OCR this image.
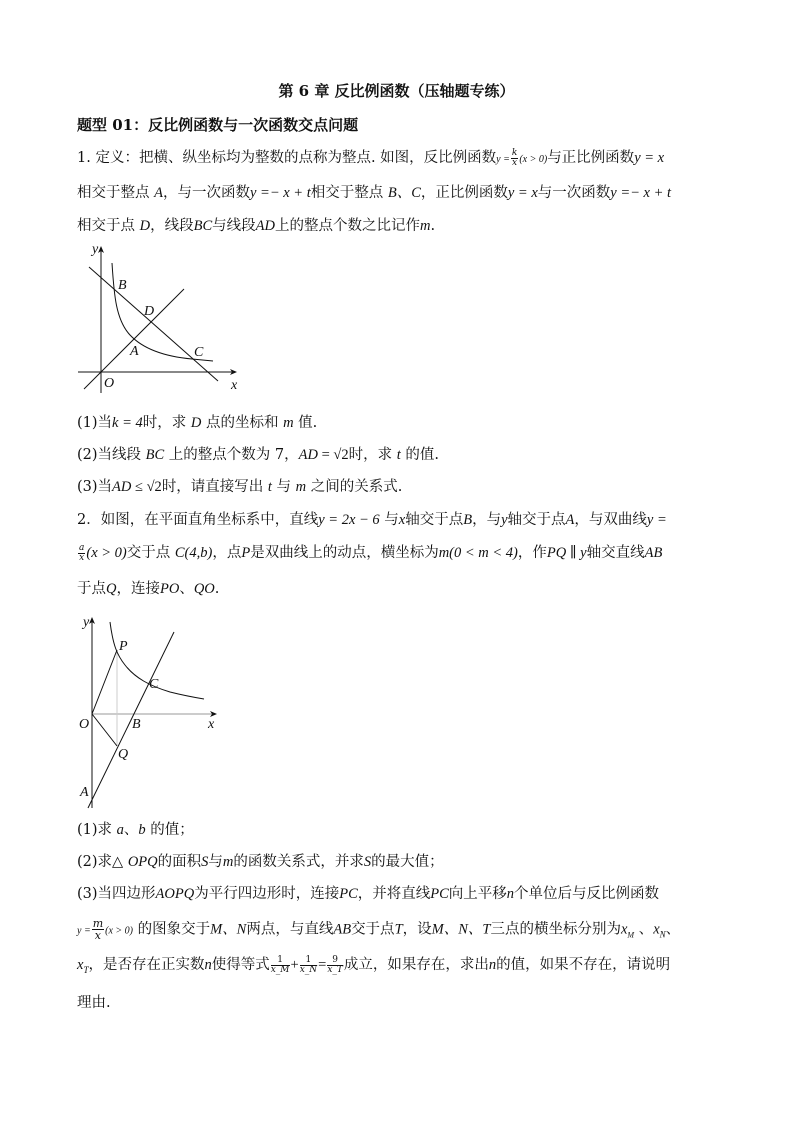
第 6 章 反比例函数（压轴题专练）
题型 01：反比例函数与一次函数交点问题
1. 定义：把横、纵坐标均为整数的点称为整点. 如图，反比例函数$y = \frac{k}{x} (x > 0)$与正比例函数y = x
相交于整点 A，与一次函数y =− x + t相交于整点 B、C，正比例函数y = x与一次函数y =− x + t
相交于点 D，线段BC与线段AD上的整点个数之比记作m.
y
x
O
B
D
A	C
(1)当k = 4时，求 D 点的坐标和 m 值.
(2)当线段 BC 上的整点个数为 7，AD = √2时，求 t 的值.
(3)当AD ≤ √2时，请直接写出 t 与 m 之间的关系式.
2．如图，在平面直角坐标系中，直线y = 2x − 6 与x轴交于点B，与y轴交于点A，与双曲线y =
$\frac{a}{x} (x > 0)$交于点 C(4,b)，点P是双曲线上的动点，横坐标为m(0 < m < 4)，作PQ ∥ y轴交直线AB
于点Q，连接PO、QO.
y
x
O
P
C
B
Q
A
(1)求 a、b 的值；
(2)求△ OPQ的面积S与m的函数关系式，并求S的最大值；
(3)当四边形AOPQ为平行四边形时，连接PC，并将直线PC向上平移n个单位后与反比例函数
$y = \frac{m}{x} (x > 0)$ 的图象交于M、N两点，与直线AB交于点T，设M、N、T三点的横坐标分别为$x_M$ 、$x_N$、
$x_T$，是否存在正实数n使得等式 $\frac{1}{x\_M} + \frac{1}{x\_N} = \frac{9}{x\_T}$ 成立，如果存在，求出n的值，如果不存在，请说明
理由.
